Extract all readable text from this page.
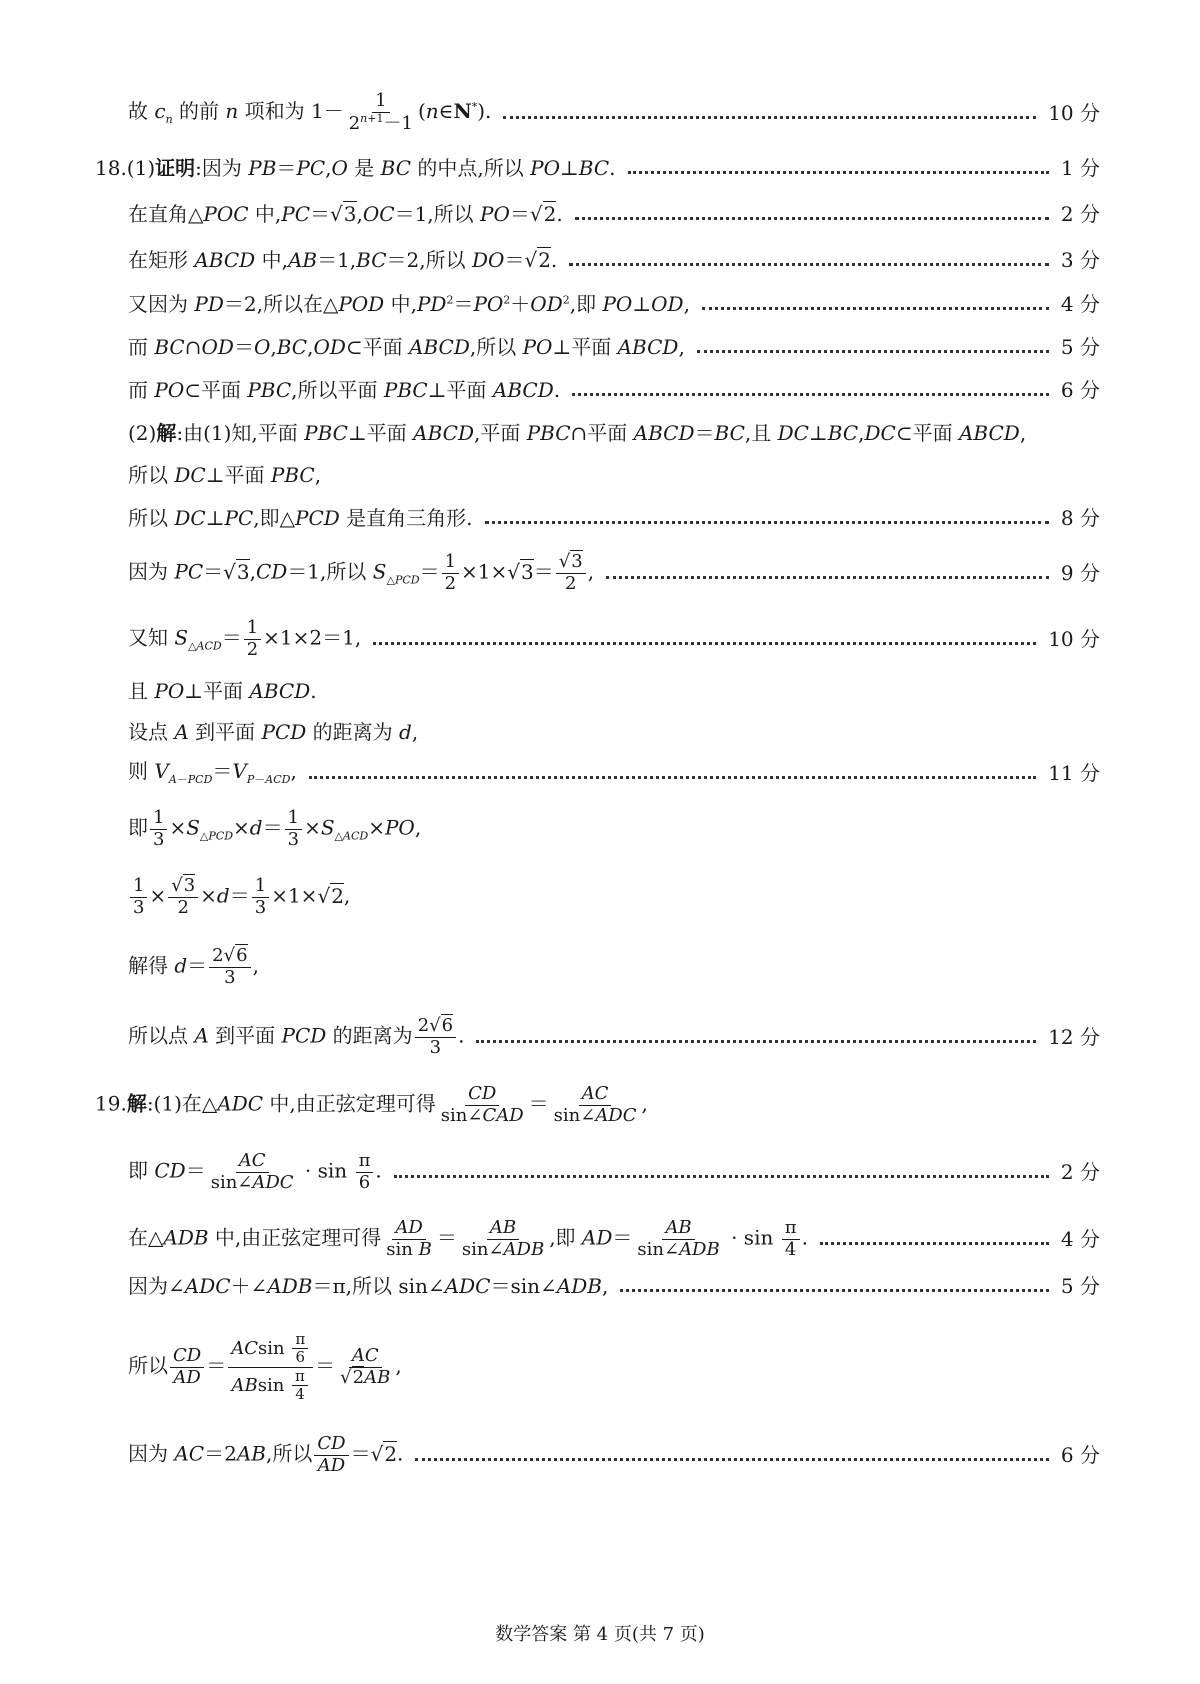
故 $c_n$ 的前 n 项和为 $1- \frac{1}{2^{n+1}-1}$ (n∈N*).	10 分
18.(1)证明:因为 PB＝PC,O 是 BC 的中点,所以 PO⊥BC.	1 分
在直角△POC 中,PC＝√3,OC＝1,所以 PO＝√2.	2 分
在矩形 ABCD 中,AB＝1,BC＝2,所以 DO＝√2.	3 分
又因为 PD＝2,所以在△POD 中$,PD^2=PO^2+OD^2$,即 PO⊥OD,	4 分
而 BC∩OD＝O,BC,OD⊂平面 ABCD,所以 PO⊥平面 ABCD,	5 分
而 PO⊂平面 PBC,所以平面 PBC⊥平面 ABCD.	6 分
(2)解:由(1)知,平面 PBC⊥平面 ABCD,平面 PBC∩平面 ABCD＝BC,且 DC⊥BC,DC⊂平面 ABCD,
所以 DC⊥平面 PBC,
所以 DC⊥PC,即△PCD 是直角三角形.	8 分
因为 PC＝√3,CD＝1,所以 $S_{\triangle PCD}= \frac{1}{2} \times 1\times√3= \frac{√3}{2}$ ,	9 分
又知 $S_{\triangle ACD}= \frac{1}{2} \times 1\times 2=1$,	10 分
且 PO⊥平面 ABCD.
设点 A 到平面 PCD 的距离为 d,
则 $V_{A-PCD}=V_{P-ACD}$,	11 分
即 $\frac{1}{3} \times S_{\triangle PCD}\times d= \frac{1}{3} \times S_{\triangle ACD}\times PO$,
$\frac{1}{3} \times \frac{√3}{2} \times d= \frac{1}{3} \times 1\times√2$,
解得 $d= \frac{2√6}{3}$ ,
所以点 A 到平面 PCD 的距离为 $\frac{2√6}{3}$ .	12 分
19.解:(1)在△ADC 中,由正弦定理可得 $\frac{CD}{\text{sin∠CAD}} = \frac{AC}{\text{sin∠ADC}}$ ,
即 $CD= \frac{AC}{\text{sin∠ADC}} \cdot \sin \frac{\pi}{6}$ .	2 分
在△ADB 中,由正弦定理可得 $\frac{AD}{\text{sin B}} = \frac{AB}{\text{sin∠ADB}}$ ,即 $AD= \frac{AB}{\text{sin∠ADB}} \cdot \sin \frac{\pi}{4}$ .	4 分
因为∠ADC＋∠ADB＝π,所以 sin∠ADC＝sin∠ADB,	5 分
所以 $\frac{CD}{AD} = \frac{ACsin \frac{\pi}{6}}{ABsin \frac{\pi}{4}} = \frac{AC}{√2AB}$ ,
因为 AC＝2AB,所以 $\frac{CD}{AD} =√2$.	6 分
数学答案 第 4 页(共 7 页)
